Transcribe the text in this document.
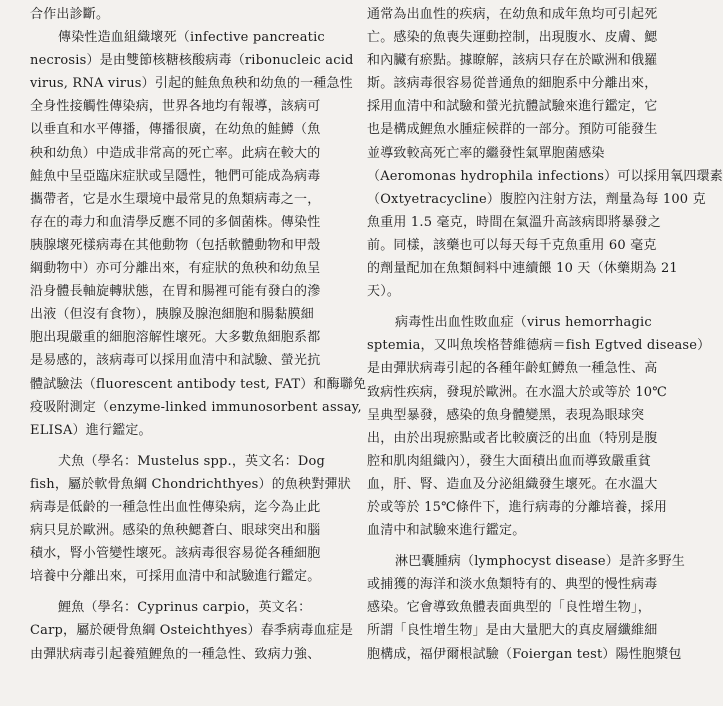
合作出診斷。
傳染性造血組織壞死（infective pancreatic
necrosis）是由雙節核糖核酸病毒（ribonucleic acid
virus, RNA virus）引起的鮭魚魚秧和幼魚的一種急性
全身性接觸性傳染病，世界各地均有報導，該病可
以垂直和水平傳播，傳播很廣，在幼魚的鮭鱒（魚
秧和幼魚）中造成非常高的死亡率。此病在較大的
鮭魚中呈亞臨床症狀或呈隱性，牠們可能成為病毒
攜帶者，它是水生環境中最常見的魚類病毒之一，
存在的毒力和血清學反應不同的多個菌株。傳染性
胰腺壞死樣病毒在其他動物（包括軟體動物和甲殼
綱動物中）亦可分離出來，有症狀的魚秧和幼魚呈
沿身體長軸旋轉狀態，在胃和腸裡可能有發白的滲
出液（但沒有食物），胰腺及腺泡細胞和腸黏膜細
胞出現嚴重的細胞溶解性壞死。大多數魚細胞系都
是易感的，該病毒可以採用血清中和試驗、螢光抗
體試驗法（fluorescent antibody test, FAT）和酶聯免
疫吸附測定（enzyme-linked immunosorbent assay,
ELISA）進行鑑定。
犬魚（學名：Mustelus spp.，英文名：Dog
fish，屬於軟骨魚綱 Chondrichthyes）的魚秧對彈狀
病毒是低齡的一種急性出血性傳染病，迄今為止此
病只見於歐洲。感染的魚秧鰓蒼白、眼球突出和腦
積水，腎小管變性壞死。該病毒很容易從各種細胞
培養中分離出來，可採用血清中和試驗進行鑑定。
鯉魚（學名：Cyprinus carpio，英文名：
Carp，屬於硬骨魚綱 Osteichthyes）春季病毒血症是
由彈狀病毒引起養殖鯉魚的一種急性、致病力強、
通常為出血性的疾病，在幼魚和成年魚均可引起死
亡。感染的魚喪失運動控制，出現腹水、皮膚、鰓
和內臟有瘀點。據瞭解，該病只存在於歐洲和俄羅
斯。該病毒很容易從普通魚的細胞系中分離出來，
採用血清中和試驗和螢光抗體試驗來進行鑑定，它
也是構成鯉魚水腫症候群的一部分。預防可能發生
並導致較高死亡率的繼發性氣單胞菌感染
（Aeromonas hydrophila infections）可以採用氧四環素
（Oxtyetracycline）腹腔內注射方法，劑量為每 100 克
魚重用 1.5 毫克，時間在氣溫升高該病即將暴發之
前。同樣，該藥也可以每天每千克魚重用 60 毫克
的劑量配加在魚類飼料中連續餵 10 天（休藥期為 21
天）。
病毒性出血性敗血症（virus hemorrhagic
sptemia，又叫魚埃格替維德病＝fish Egtved disease）
是由彈狀病毒引起的各種年齡虹鱒魚一種急性、高
致病性疾病，發現於歐洲。在水溫大於或等於 10℃
呈典型暴發，感染的魚身體變黑，表現為眼球突
出，由於出現瘀點或者比較廣泛的出血（特別是腹
腔和肌肉組織內），發生大面積出血而導致嚴重貧
血，肝、腎、造血及分泌組織發生壞死。在水溫大
於或等於 15℃條件下，進行病毒的分離培養，採用
血清中和試驗來進行鑑定。
淋巴囊腫病（lymphocyst disease）是許多野生
或捕獲的海洋和淡水魚類特有的、典型的慢性病毒
感染。它會導致魚體表面典型的「良性增生物」，
所謂「良性增生物」是由大量肥大的真皮層纖維細
胞構成，福伊爾根試驗（Foiergan test）陽性胞漿包
